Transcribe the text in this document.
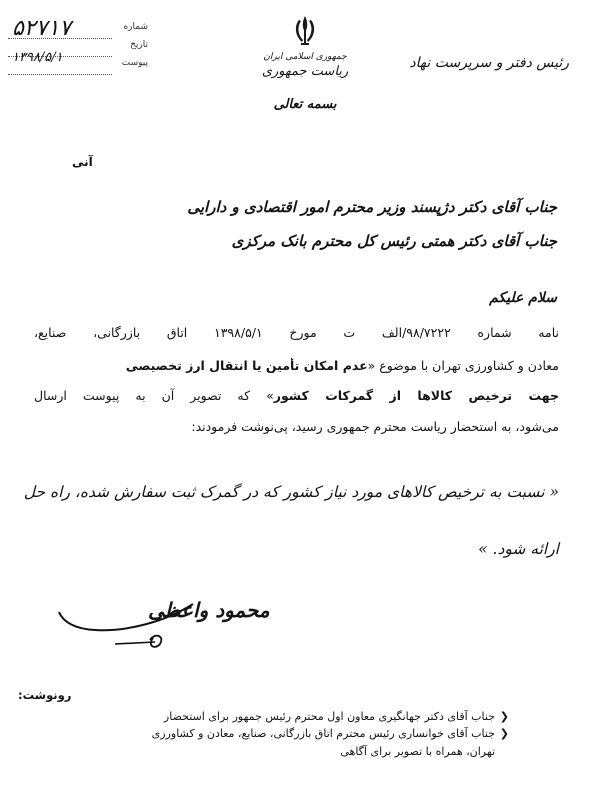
رئیس دفتر و سرپرست نهاد
جمهوری اسلامی ایران
ریاست جمهوری
بسمه تعالی
۵۲۷۱۷	شماره
۱۳۹۸/۵/۱
تاریخ
پیوست
آنی
جناب آقای دکتر دژپسند وزیر محترم امور اقتصادی و دارایی
جناب آقای دکتر همتی رئیس کل محترم بانک مرکزی
سلام علیکم
نامه شماره ۹۸/۷۲۲۲/الف ت مورخ ۱۳۹۸/۵/۱ اتاق بازرگانی، صنایع،
معادن و کشاورزی تهران با موضوع «عدم امکان تأمین یا انتقال ارز تخصیصی
جهت ترخیص کالاها از گمرکات کشور» که تصویر آن به پیوست ارسال
می‌شود، به استحضار ریاست محترم جمهوری رسید، پی‌نوشت فرمودند:
« نسبت به ترخیص کالاهای مورد نیاز کشور که در گمرک ثبت سفارش شده، راه حل
ارائه شود. »
محمود واعظی
رونوشت:
❮
جناب آقای دکتر جهانگیری معاون اول محترم رئیس جمهور برای استحضار
❮
جناب آقای خوانساری رئیس محترم اتاق بازرگانی، صنایع، معادن و کشاورزی
تهران، همراه با تصویر برای آگاهی
